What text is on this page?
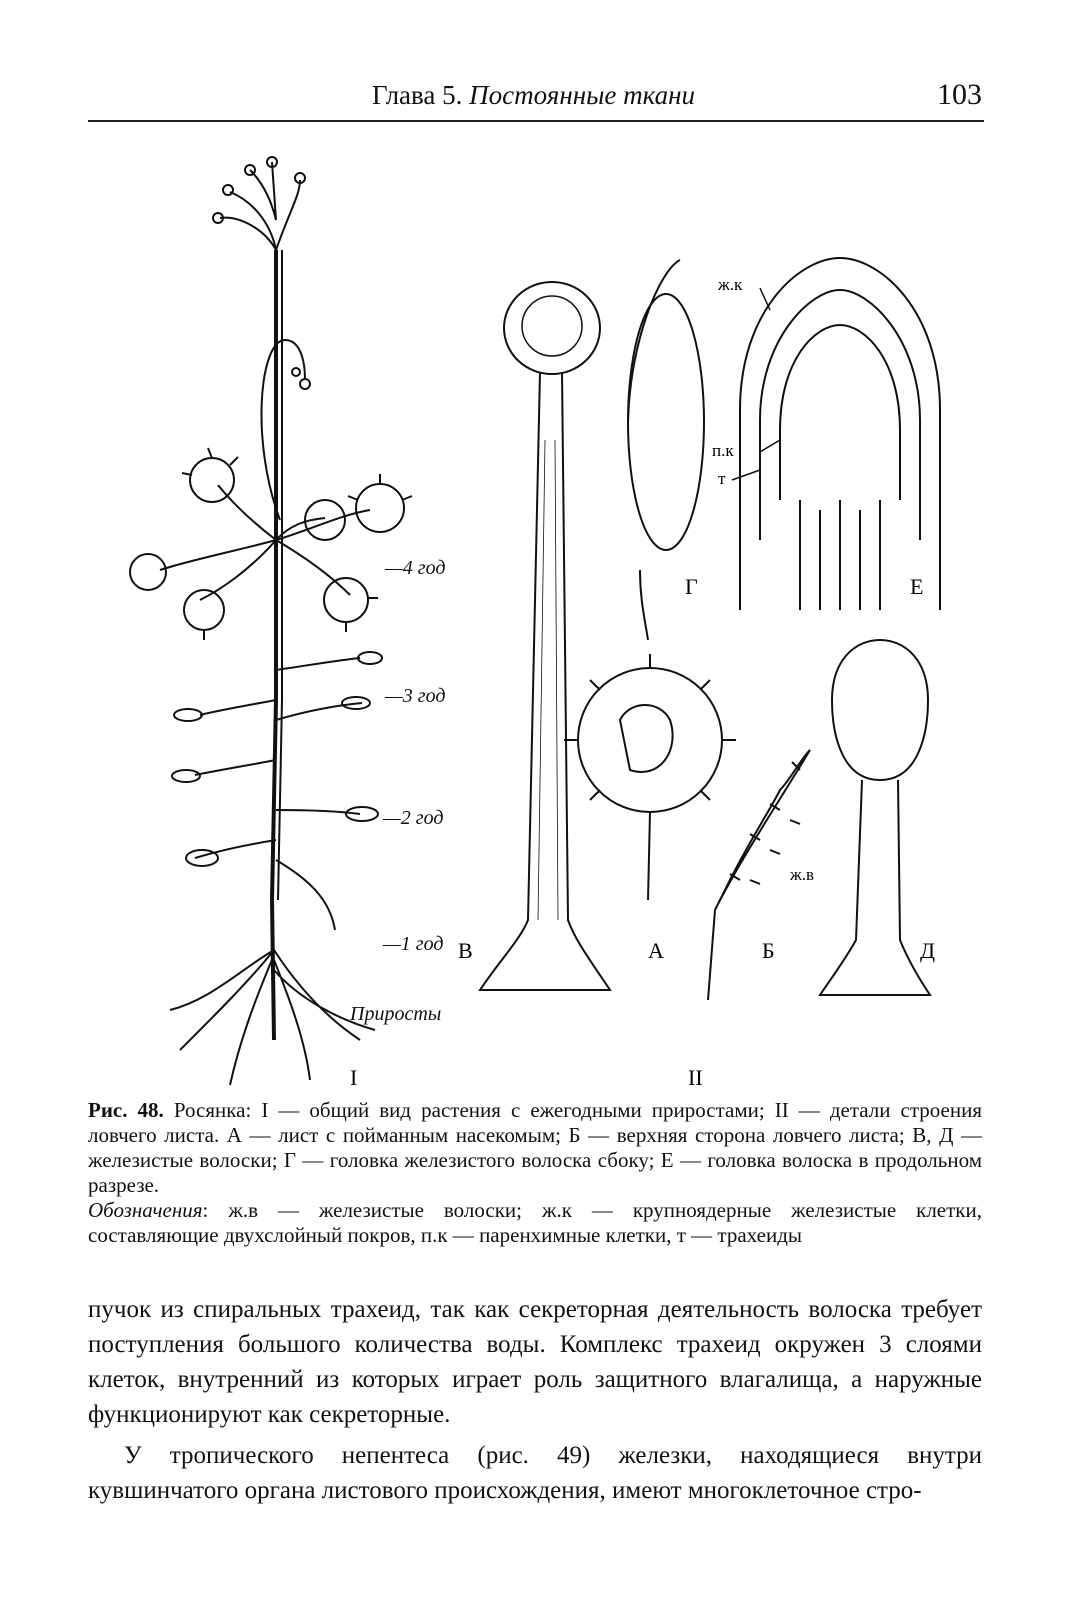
Глава 5. Постоянные ткани	103
—4 год
—3 год
—2 год
—1 год
Приросты
I	II
В
Г	Е
ж.к
п.к
т
А	Б
ж.в
Д

Рис. 48. Росянка: I — общий вид растения с ежегодными приростами; II — детали строения ловчего листа. А — лист с пойманным насекомым; Б — верхняя сторона ловчего листа; В, Д — железистые волоски; Г — головка железистого волоска сбоку; Е — головка волоска в продольном разрезе.

Обозначения: ж.в — железистые волоски; ж.к — крупноядерные железистые клетки, составляющие двухслойный покров, п.к — паренхимные клетки, т — трахеиды

пучок из спиральных трахеид, так как секреторная деятельность волоска требует поступления большого количества воды. Комплекс трахеид окружен 3 слоями клеток, внутренний из которых играет роль защитного влагалища, а наружные функционируют как секреторные.

У тропического непентеса (рис. 49) железки, находящиеся внутри кувшинчатого органа листового происхождения, имеют многоклеточное стро-
